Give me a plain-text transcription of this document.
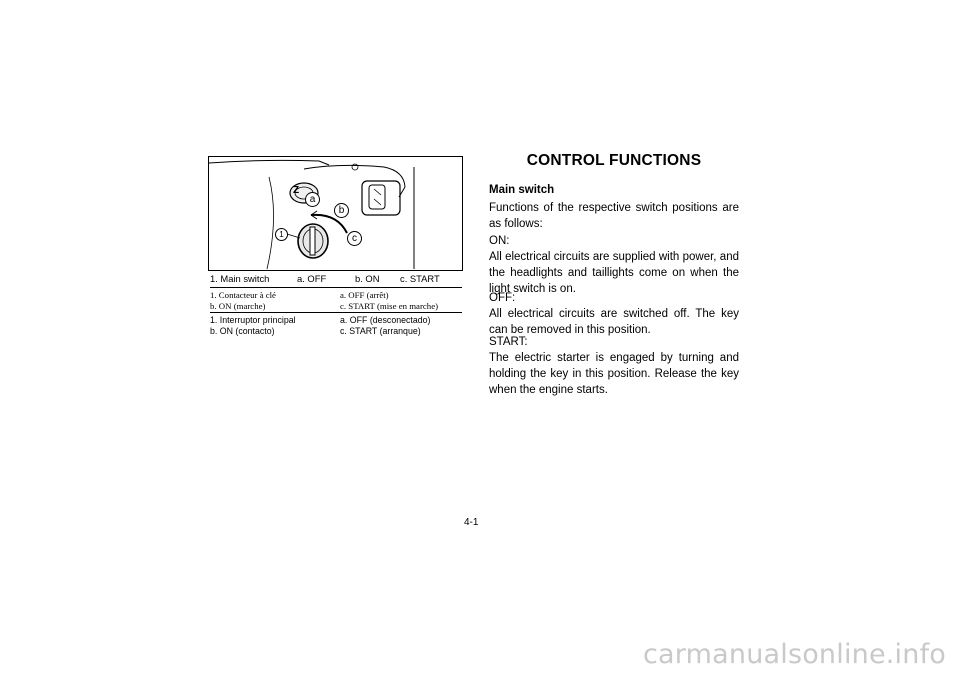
Z
a
b
c
1
1. Main switch	a. OFF	b. ON c. START
1. Contacteur à clé	a. OFF (arrêt)
b. ON (marche)	c. START (mise en marche)
1. Interruptor principal	a. OFF (desconectado)
b. ON (contacto)	c. START (arranque)
CONTROL FUNCTIONS
Main switch
Functions of the respective switch positions are as follows:
ON:
All electrical circuits are supplied with power, and the headlights and taillights come on when the light switch is on.
OFF:
All electrical circuits are switched off. The key can be removed in this position.
START:
The electric starter is engaged by turning and holding the key in this position. Release the key when the engine starts.
4-1
carmanualsonline.info
